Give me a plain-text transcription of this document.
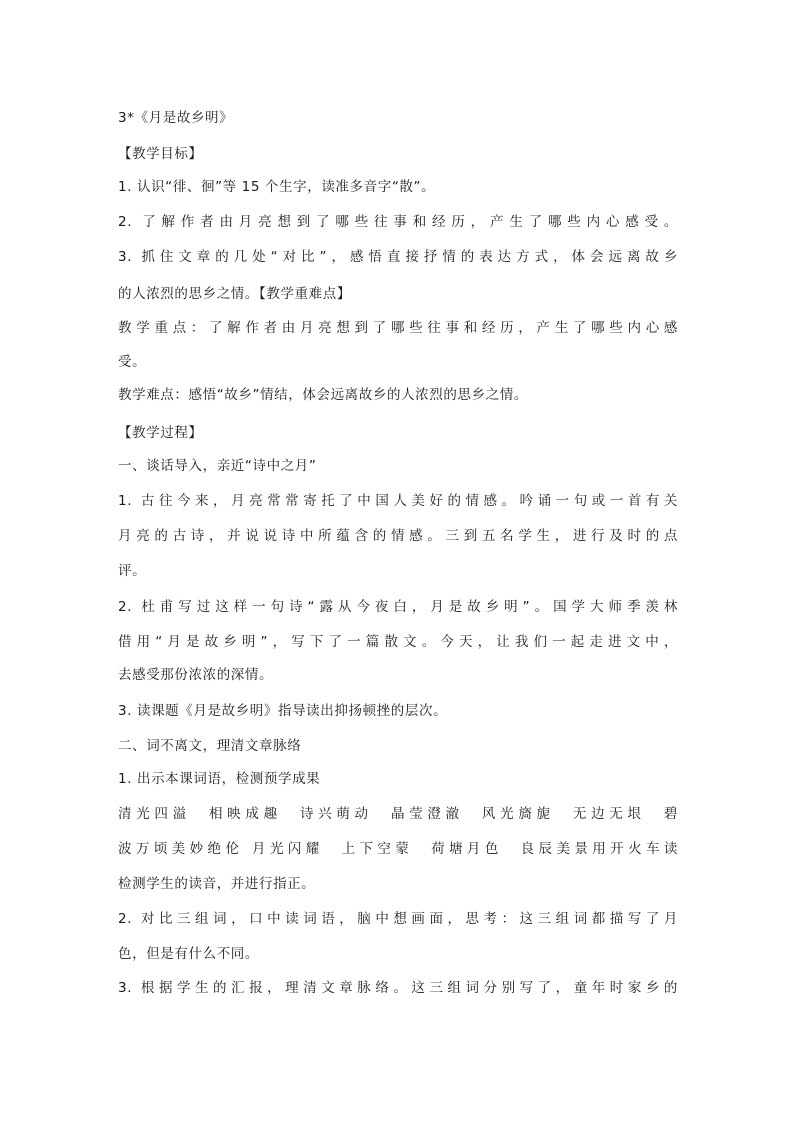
3*《月是故乡明》
【教学目标】
1. 认识“徘、徊”等 15 个生字，读准多音字“散”。
2. 了解作者由月亮想到了哪些往事和经历，产生了哪些内心感受。
3. 抓住文章的几处“对比”，感悟直接抒情的表达方式，体会远离故乡
的人浓烈的思乡之情。【教学重难点】
教学重点：了解作者由月亮想到了哪些往事和经历，产生了哪些内心感
受。
教学难点：感悟“故乡”情结，体会远离故乡的人浓烈的思乡之情。
【教学过程】
一、谈话导入，亲近“诗中之月”
1. 古往今来，月亮常常寄托了中国人美好的情感。吟诵一句或一首有关
月亮的古诗，并说说诗中所蕴含的情感。三到五名学生，进行及时的点
评。
2. 杜甫写过这样一句诗“露从今夜白，月是故乡明”。国学大师季羡林
借用“月是故乡明”，写下了一篇散文。今天，让我们一起走进文中，
去感受那份浓浓的深情。
3. 读课题《月是故乡明》指导读出抑扬顿挫的层次。
二、词不离文，理清文章脉络
1. 出示本课词语，检测预学成果
清光四溢　相映成趣　诗兴萌动　晶莹澄澈　风光旖旎　无边无垠　碧
波万顷美妙绝伦 月光闪耀　上下空蒙　荷塘月色　良辰美景用开火车读
检测学生的读音，并进行指正。
2. 对比三组词，口中读词语，脑中想画面，思考：这三组词都描写了月
色，但是有什么不同。
3. 根据学生的汇报，理清文章脉络。这三组词分别写了，童年时家乡的
